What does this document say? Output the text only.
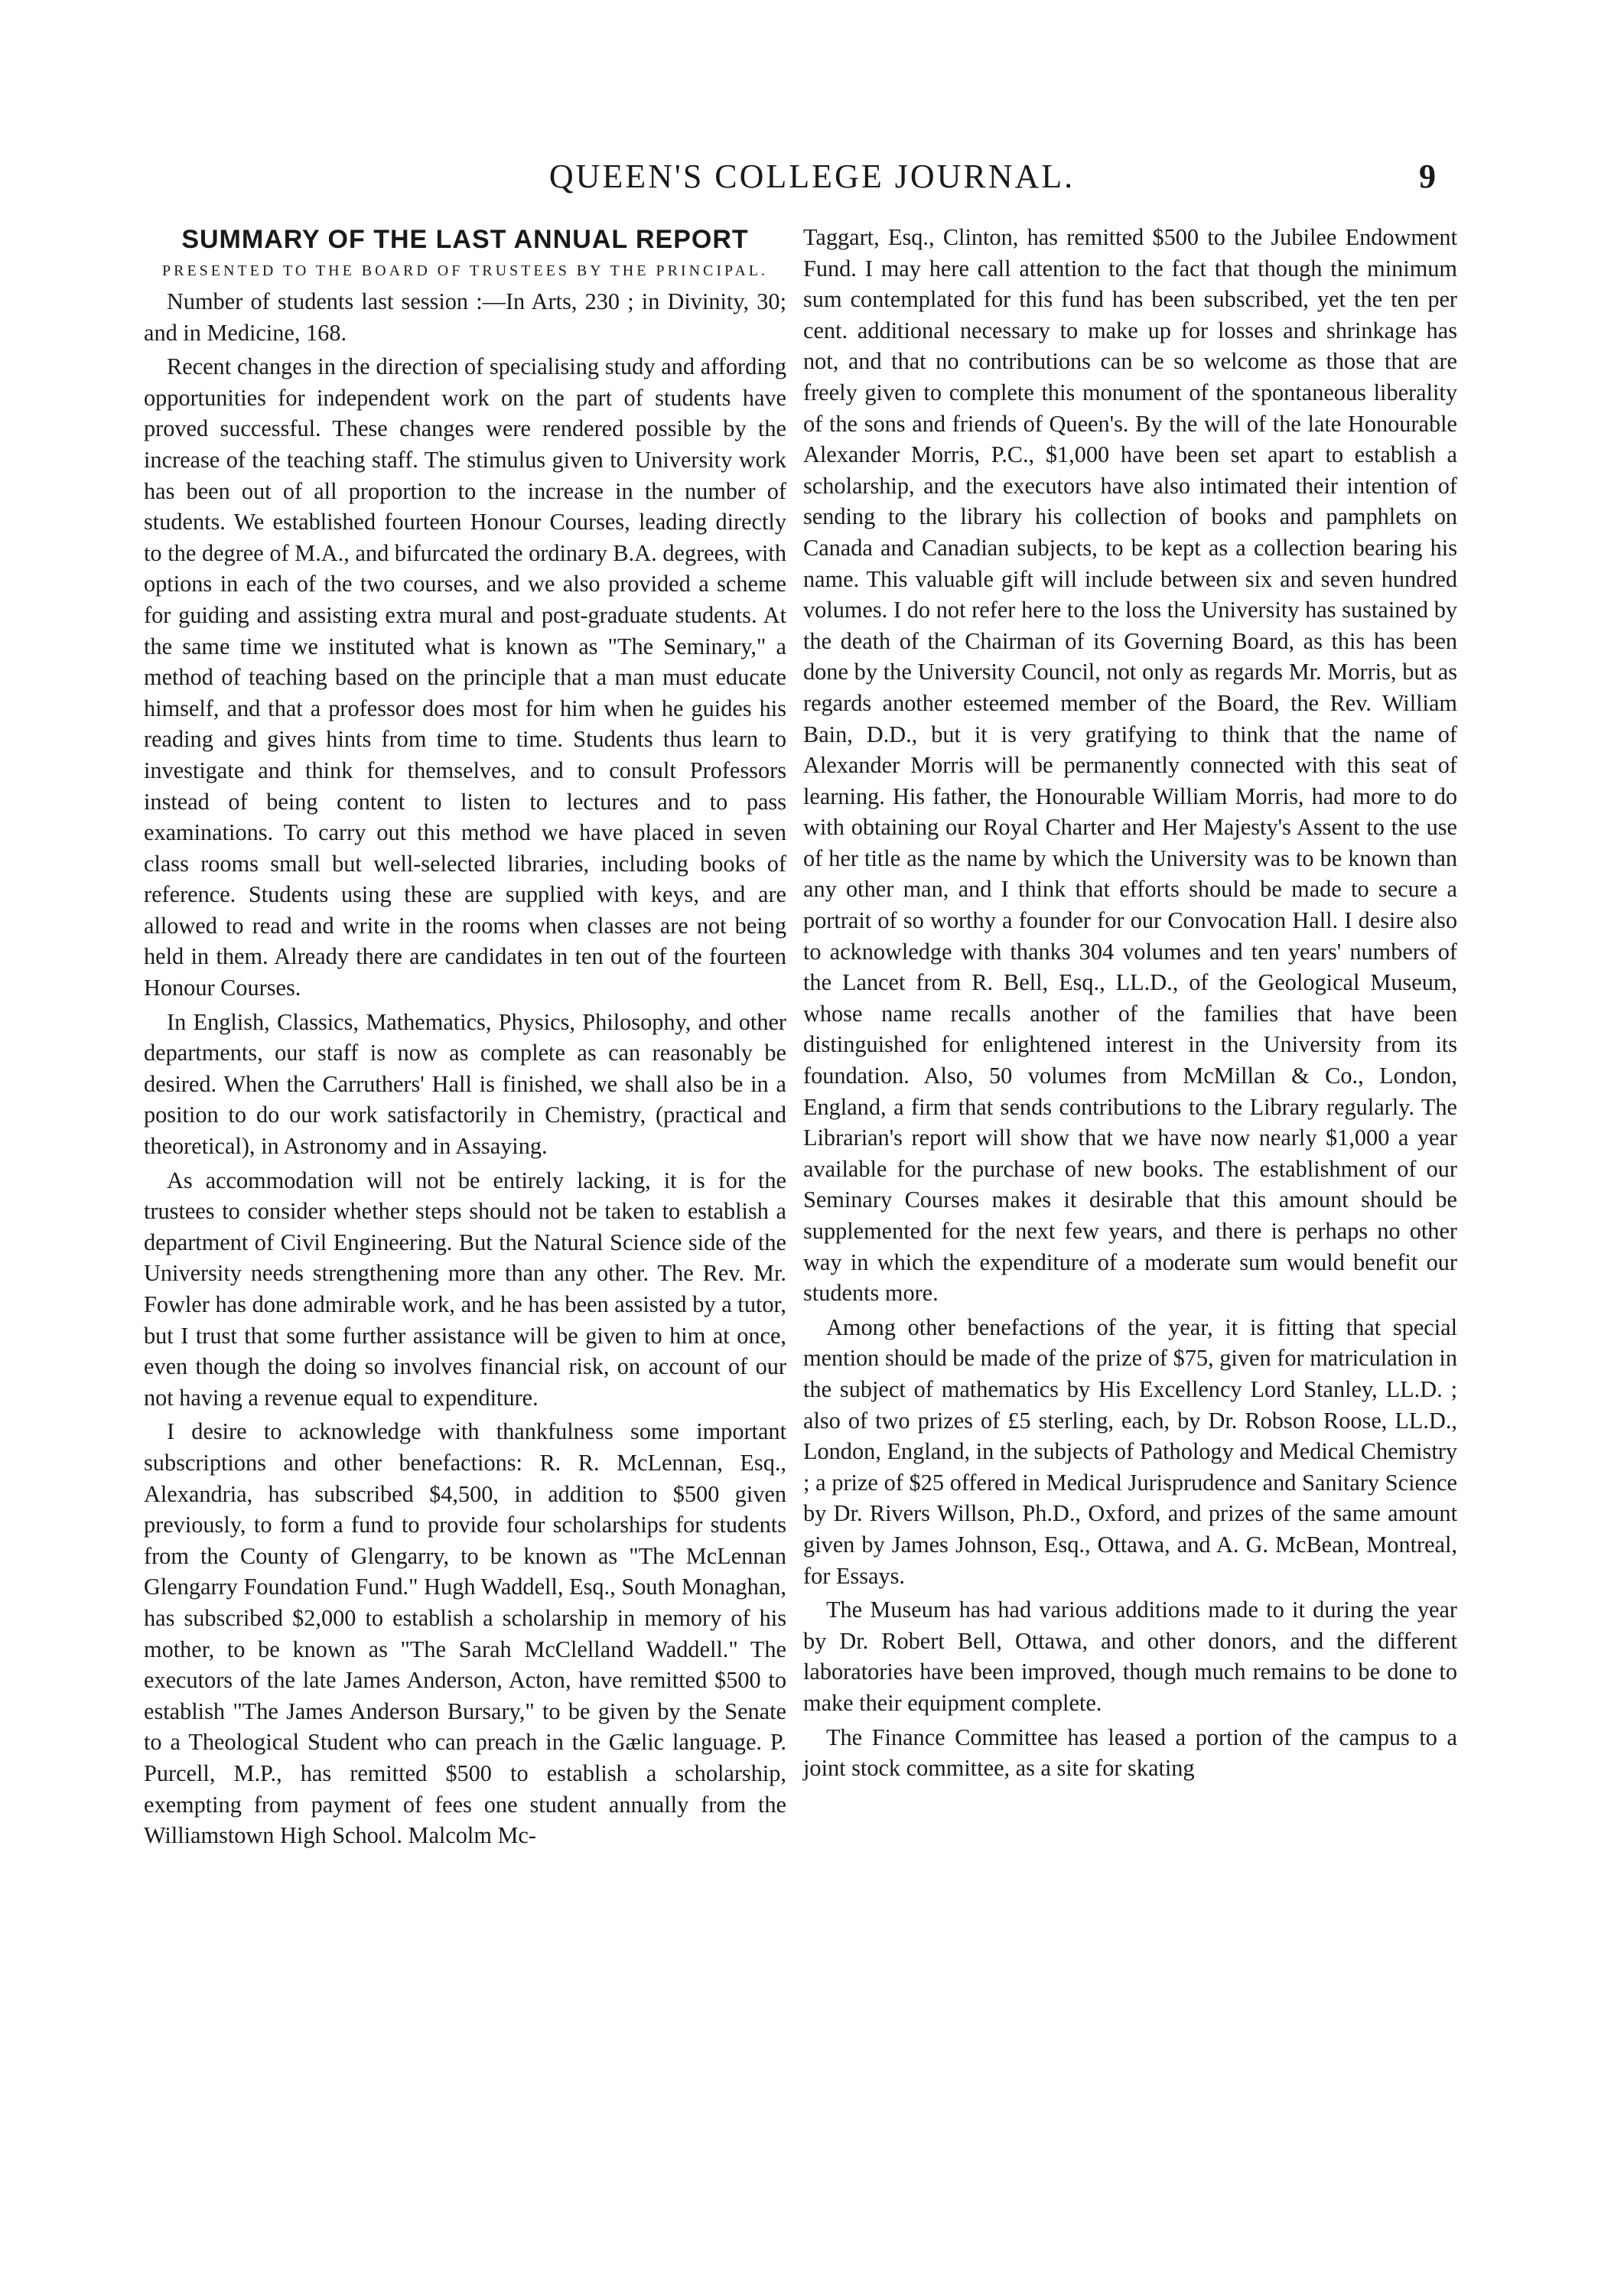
QUEEN'S COLLEGE JOURNAL.	9
SUMMARY OF THE LAST ANNUAL REPORT
PRESENTED TO THE BOARD OF TRUSTEES BY THE PRINCIPAL.

Number of students last session :—In Arts, 230 ; in Divinity, 30; and in Medicine, 168.

Recent changes in the direction of specialising study and affording opportunities for independent work on the part of students have proved successful. These changes were rendered possible by the increase of the teaching staff. The stimulus given to University work has been out of all proportion to the increase in the number of students. We established fourteen Honour Courses, leading directly to the degree of M.A., and bifurcated the ordinary B.A. degrees, with options in each of the two courses, and we also provided a scheme for guiding and assisting extra mural and post-graduate students. At the same time we instituted what is known as "The Seminary," a method of teaching based on the principle that a man must educate himself, and that a professor does most for him when he guides his reading and gives hints from time to time. Students thus learn to investigate and think for themselves, and to consult Professors instead of being content to listen to lectures and to pass examinations. To carry out this method we have placed in seven class rooms small but well-selected libraries, including books of reference. Students using these are supplied with keys, and are allowed to read and write in the rooms when classes are not being held in them. Already there are candidates in ten out of the fourteen Honour Courses.

In English, Classics, Mathematics, Physics, Philosophy, and other departments, our staff is now as complete as can reasonably be desired. When the Carruthers' Hall is finished, we shall also be in a position to do our work satisfactorily in Chemistry, (practical and theoretical), in Astronomy and in Assaying.

As accommodation will not be entirely lacking, it is for the trustees to consider whether steps should not be taken to establish a department of Civil Engineering. But the Natural Science side of the University needs strengthening more than any other. The Rev. Mr. Fowler has done admirable work, and he has been assisted by a tutor, but I trust that some further assistance will be given to him at once, even though the doing so involves financial risk, on account of our not having a revenue equal to expenditure.

I desire to acknowledge with thankfulness some important subscriptions and other benefactions: R. R. McLennan, Esq., Alexandria, has subscribed $4,500, in addition to $500 given previously, to form a fund to provide four scholarships for students from the County of Glengarry, to be known as "The McLennan Glengarry Foundation Fund." Hugh Waddell, Esq., South Monaghan, has subscribed $2,000 to establish a scholarship in memory of his mother, to be known as "The Sarah McClelland Waddell." The executors of the late James Anderson, Acton, have remitted $500 to establish "The James Anderson Bursary," to be given by the Senate to a Theological Student who can preach in the Gælic language. P. Purcell, M.P., has remitted $500 to establish a scholarship, exempting from payment of fees one student annually from the Williamstown High School. Malcolm Mc-

Taggart, Esq., Clinton, has remitted $500 to the Jubilee Endowment Fund. I may here call attention to the fact that though the minimum sum contemplated for this fund has been subscribed, yet the ten per cent. additional necessary to make up for losses and shrinkage has not, and that no contributions can be so welcome as those that are freely given to complete this monument of the spontaneous liberality of the sons and friends of Queen's. By the will of the late Honourable Alexander Morris, P.C., $1,000 have been set apart to establish a scholarship, and the executors have also intimated their intention of sending to the library his collection of books and pamphlets on Canada and Canadian subjects, to be kept as a collection bearing his name. This valuable gift will include between six and seven hundred volumes. I do not refer here to the loss the University has sustained by the death of the Chairman of its Governing Board, as this has been done by the University Council, not only as regards Mr. Morris, but as regards another esteemed member of the Board, the Rev. William Bain, D.D., but it is very gratifying to think that the name of Alexander Morris will be permanently connected with this seat of learning. His father, the Honourable William Morris, had more to do with obtaining our Royal Charter and Her Majesty's Assent to the use of her title as the name by which the University was to be known than any other man, and I think that efforts should be made to secure a portrait of so worthy a founder for our Convocation Hall. I desire also to acknowledge with thanks 304 volumes and ten years' numbers of the Lancet from R. Bell, Esq., LL.D., of the Geological Museum, whose name recalls another of the families that have been distinguished for enlightened interest in the University from its foundation. Also, 50 volumes from McMillan & Co., London, England, a firm that sends contributions to the Library regularly. The Librarian's report will show that we have now nearly $1,000 a year available for the purchase of new books. The establishment of our Seminary Courses makes it desirable that this amount should be supplemented for the next few years, and there is perhaps no other way in which the expenditure of a moderate sum would benefit our students more.

Among other benefactions of the year, it is fitting that special mention should be made of the prize of $75, given for matriculation in the subject of mathematics by His Excellency Lord Stanley, LL.D. ; also of two prizes of £5 sterling, each, by Dr. Robson Roose, LL.D., London, England, in the subjects of Pathology and Medical Chemistry ; a prize of $25 offered in Medical Jurisprudence and Sanitary Science by Dr. Rivers Willson, Ph.D., Oxford, and prizes of the same amount given by James Johnson, Esq., Ottawa, and A. G. McBean, Montreal, for Essays.

The Museum has had various additions made to it during the year by Dr. Robert Bell, Ottawa, and other donors, and the different laboratories have been improved, though much remains to be done to make their equipment complete.

The Finance Committee has leased a portion of the campus to a joint stock committee, as a site for skating
